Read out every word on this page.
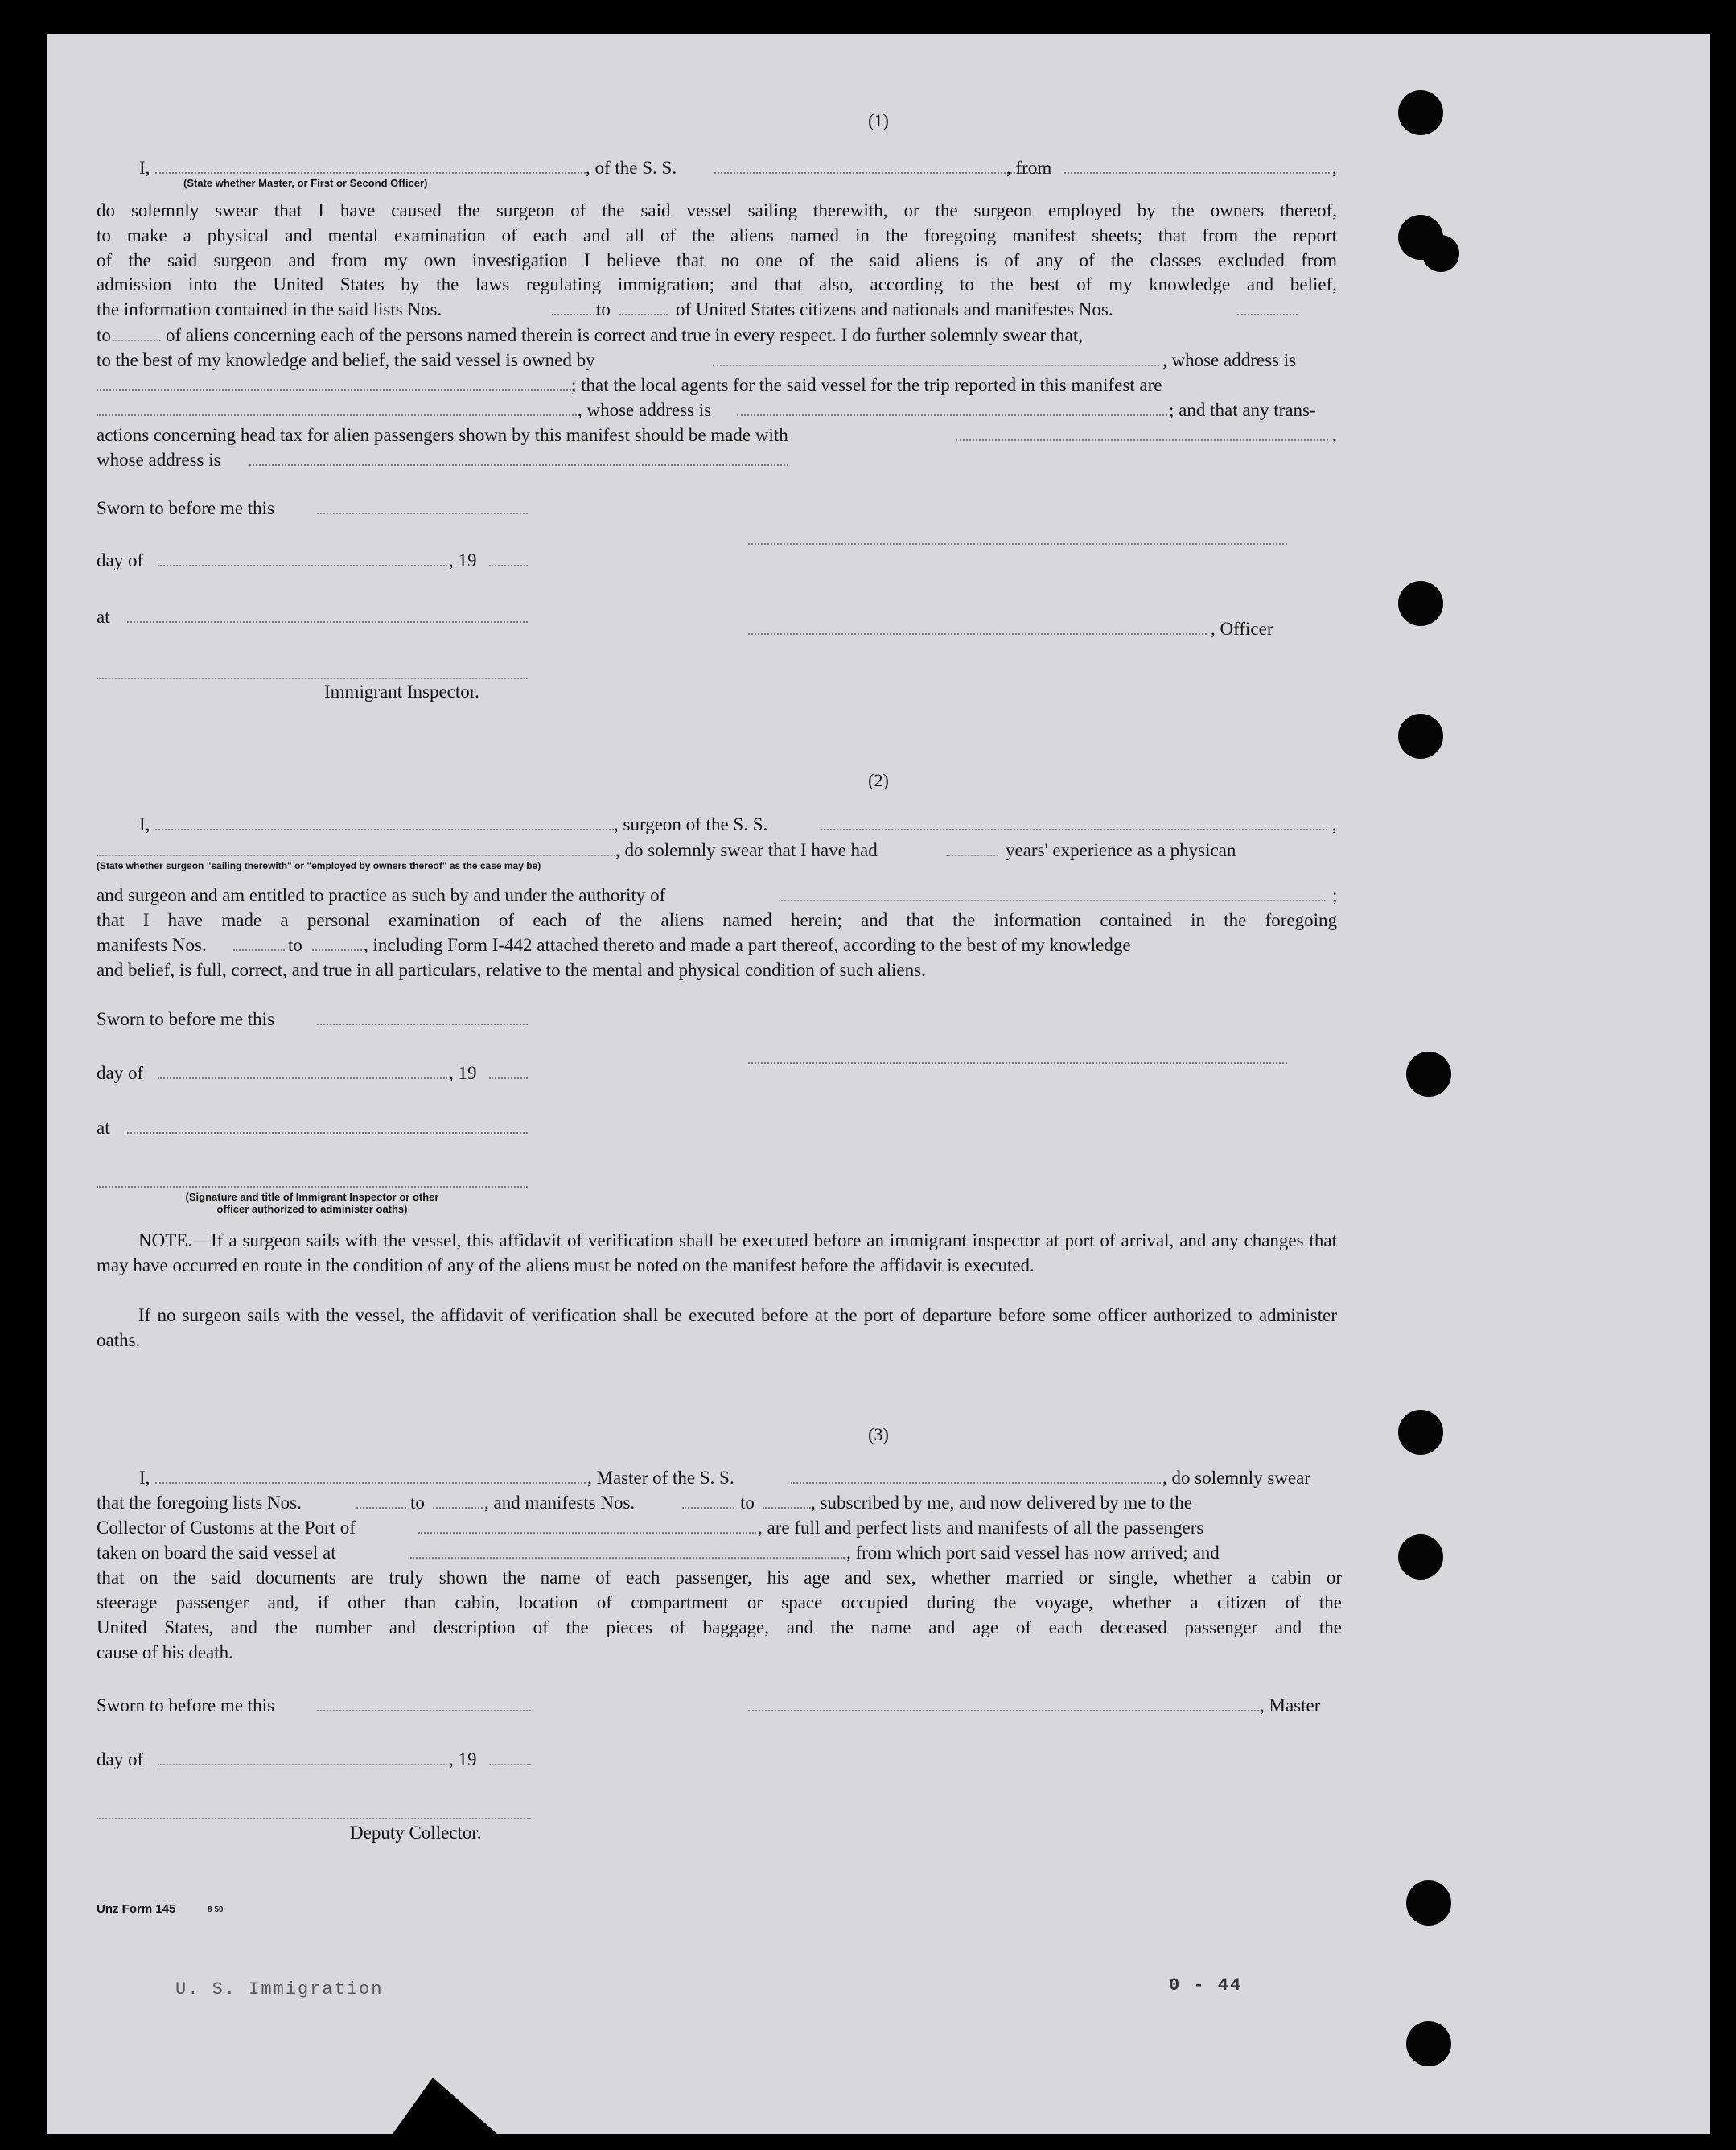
(1)
I,	, of the S. S.	, from	,
(State whether Master, or First or Second Officer)
do solemnly swear that I have caused the surgeon of the said vessel sailing therewith, or the surgeon employed by the owners thereof,
to make a physical and mental examination of each and all of the aliens named in the foregoing manifest sheets; that from the report
of the said surgeon and from my own investigation I believe that no one of the said aliens is of any of the classes excluded from
admission into the United States by the laws regulating immigration; and that also, according to the best of my knowledge and belief,
the information contained in the said lists Nos.	to	of United States citizens and nationals and manifestes Nos.
to	of aliens concerning each of the persons named therein is correct and true in every respect. I do further solemnly swear that,
to the best of my knowledge and belief, the said vessel is owned by	, whose address is
; that the local agents for the said vessel for the trip reported in this manifest are
, whose address is	; and that any trans-
actions concerning head tax for alien passengers shown by this manifest should be made with	,
whose address is
Sworn to before me this
day of	, 19
at
, Officer
Immigrant Inspector.
(2)
I,	, surgeon of the S. S.	,
, do solemnly swear that I have had	years' experience as a physican
(State whether surgeon "sailing therewith" or "employed by owners thereof" as the case may be)
and surgeon and am entitled to practice as such by and under the authority of	;
that I have made a personal examination of each of the aliens named herein; and that the information contained in the foregoing
manifests Nos.	to	, including Form I-442 attached thereto and made a part thereof, according to the best of my knowledge
and belief, is full, correct, and true in all particulars, relative to the mental and physical condition of such aliens.
Sworn to before me this
day of	, 19
at
(Signature and title of Immigrant Inspector or other
officer authorized to administer oaths)
NOTE.—If a surgeon sails with the vessel, this affidavit of verification shall be executed before an immigrant inspector at port of arrival, and any changes that may have occurred en route in the condition of any of the aliens must be noted on the manifest before the affidavit is executed.
If no surgeon sails with the vessel, the affidavit of verification shall be executed before at the port of departure before some officer authorized to administer oaths.
(3)
I,	, Master of the S. S.	, do solemnly swear
that the foregoing lists Nos.	to	, and manifests Nos.	to	, subscribed by me, and now delivered by me to the
Collector of Customs at the Port of	, are full and perfect lists and manifests of all the passengers
taken on board the said vessel at	, from which port said vessel has now arrived; and
that on the said documents are truly shown the name of each passenger, his age and sex, whether married or single, whether a cabin or
steerage passenger and, if other than cabin, location of compartment or space occupied during the voyage, whether a citizen of the
United States, and the number and description of the pieces of baggage, and the name and age of each deceased passenger and the
cause of his death.
Sworn to before me this	, Master
day of	, 19
Deputy Collector.
Unz Form 145	8 50
U. S. Immigration	0 - 44
